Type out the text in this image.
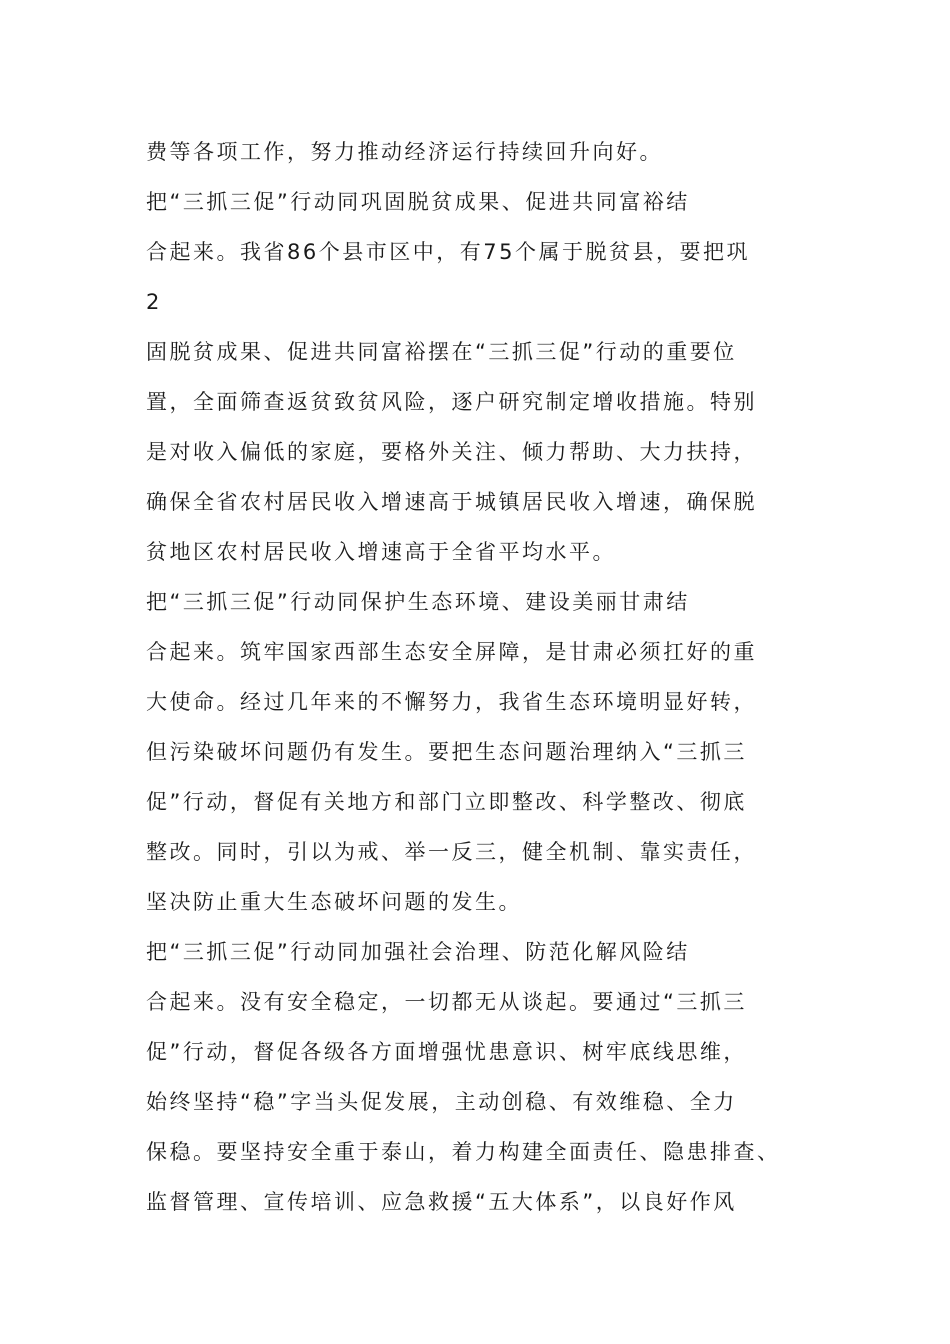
费等各项工作，努力推动经济运行持续回升向好。

把“三抓三促”行动同巩固脱贫成果、促进共同富裕结

合起来。我省86个县市区中，有75个属于脱贫县，要把巩

2

固脱贫成果、促进共同富裕摆在“三抓三促”行动的重要位

置，全面筛查返贫致贫风险，逐户研究制定增收措施。特别

是对收入偏低的家庭，要格外关注、倾力帮助、大力扶持，

确保全省农村居民收入增速高于城镇居民收入增速，确保脱

贫地区农村居民收入增速高于全省平均水平。

把“三抓三促”行动同保护生态环境、建设美丽甘肃结

合起来。筑牢国家西部生态安全屏障，是甘肃必须扛好的重

大使命。经过几年来的不懈努力，我省生态环境明显好转，

但污染破坏问题仍有发生。要把生态问题治理纳入“三抓三

促”行动，督促有关地方和部门立即整改、科学整改、彻底

整改。同时，引以为戒、举一反三，健全机制、靠实责任，

坚决防止重大生态破坏问题的发生。

把“三抓三促”行动同加强社会治理、防范化解风险结

合起来。没有安全稳定，一切都无从谈起。要通过“三抓三

促”行动，督促各级各方面增强忧患意识、树牢底线思维，

始终坚持“稳”字当头促发展，主动创稳、有效维稳、全力

保稳。要坚持安全重于泰山，着力构建全面责任、隐患排查、

监督管理、宣传培训、应急救援“五大体系”，以良好作风
